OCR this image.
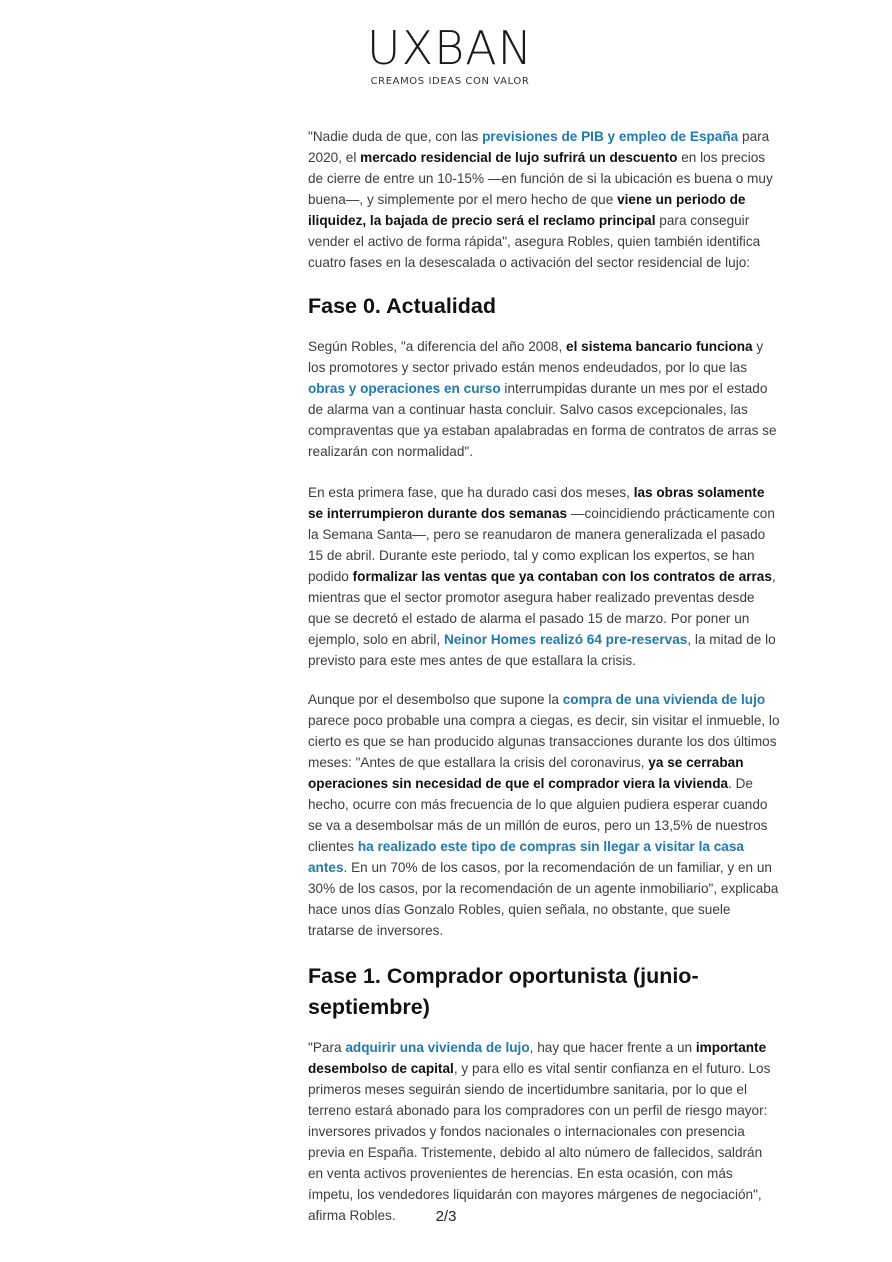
UXBAN
CREAMOS IDEAS CON VALOR

"Nadie duda de que, con las previsiones de PIB y empleo de España para 2020, el mercado residencial de lujo sufrirá un descuento en los precios de cierre de entre un 10-15% —en función de si la ubicación es buena o muy buena—, y simplemente por el mero hecho de que viene un periodo de iliquidez, la bajada de precio será el reclamo principal para conseguir vender el activo de forma rápida", asegura Robles, quien también identifica cuatro fases en la desescalada o activación del sector residencial de lujo:

Fase 0. Actualidad

Según Robles, "a diferencia del año 2008, el sistema bancario funciona y los promotores y sector privado están menos endeudados, por lo que las obras y operaciones en curso interrumpidas durante un mes por el estado de alarma van a continuar hasta concluir. Salvo casos excepcionales, las compraventas que ya estaban apalabradas en forma de contratos de arras se realizarán con normalidad".

En esta primera fase, que ha durado casi dos meses, las obras solamente se interrumpieron durante dos semanas —coincidiendo prácticamente con la Semana Santa—, pero se reanudaron de manera generalizada el pasado 15 de abril. Durante este periodo, tal y como explican los expertos, se han podido formalizar las ventas que ya contaban con los contratos de arras, mientras que el sector promotor asegura haber realizado preventas desde que se decretó el estado de alarma el pasado 15 de marzo. Por poner un ejemplo, solo en abril, Neinor Homes realizó 64 pre-reservas, la mitad de lo previsto para este mes antes de que estallara la crisis.

Aunque por el desembolso que supone la compra de una vivienda de lujo parece poco probable una compra a ciegas, es decir, sin visitar el inmueble, lo cierto es que se han producido algunas transacciones durante los dos últimos meses: "Antes de que estallara la crisis del coronavirus, ya se cerraban operaciones sin necesidad de que el comprador viera la vivienda. De hecho, ocurre con más frecuencia de lo que alguien pudiera esperar cuando se va a desembolsar más de un millón de euros, pero un 13,5% de nuestros clientes ha realizado este tipo de compras sin llegar a visitar la casa antes. En un 70% de los casos, por la recomendación de un familiar, y en un 30% de los casos, por la recomendación de un agente inmobiliario", explicaba hace unos días Gonzalo Robles, quien señala, no obstante, que suele tratarse de inversores.

Fase 1. Comprador oportunista (junio-septiembre)

"Para adquirir una vivienda de lujo, hay que hacer frente a un importante desembolso de capital, y para ello es vital sentir confianza en el futuro. Los primeros meses seguirán siendo de incertidumbre sanitaria, por lo que el terreno estará abonado para los compradores con un perfil de riesgo mayor: inversores privados y fondos nacionales o internacionales con presencia previa en España. Tristemente, debido al alto número de fallecidos, saldrán en venta activos provenientes de herencias. En esta ocasión, con más ímpetu, los vendedores liquidarán con mayores márgenes de negociación", afirma Robles.	2/3
